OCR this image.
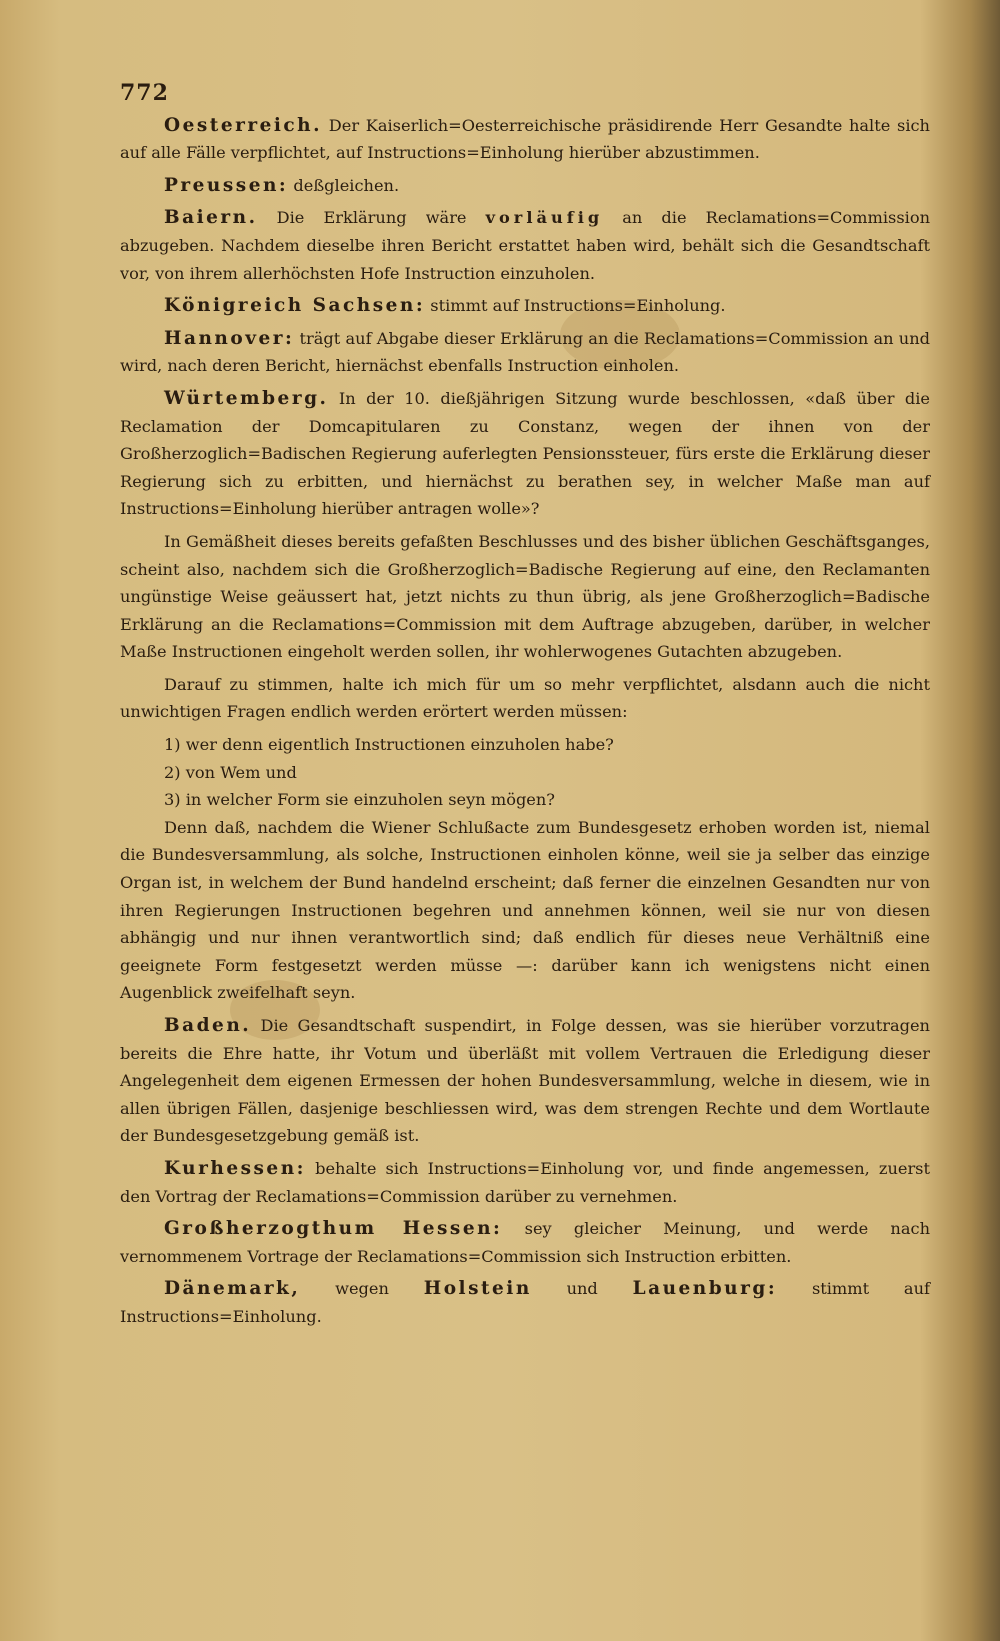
772

Oesterreich. Der Kaiserlich=Oesterreichische präsidirende Herr Gesandte halte sich auf alle Fälle verpflichtet, auf Instructions=Einholung hierüber abzustimmen.

Preussen: deßgleichen.

Baiern. Die Erklärung wäre vorläufig an die Reclamations=Commission abzugeben. Nachdem dieselbe ihren Bericht erstattet haben wird, behält sich die Gesandtschaft vor, von ihrem allerhöchsten Hofe Instruction einzuholen.

Königreich Sachsen: stimmt auf Instructions=Einholung.

Hannover: trägt auf Abgabe dieser Erklärung an die Reclamations=Commission an und wird, nach deren Bericht, hiernächst ebenfalls Instruction einholen.

Würtemberg. In der 10. dießjährigen Sitzung wurde beschlossen, «daß über die Reclamation der Domcapitularen zu Constanz, wegen der ihnen von der Großherzoglich=Badischen Regierung auferlegten Pensionssteuer, fürs erste die Erklärung dieser Regierung sich zu erbitten, und hiernächst zu berathen sey, in welcher Maße man auf Instructions=Einholung hierüber antragen wolle»?

In Gemäßheit dieses bereits gefaßten Beschlusses und des bisher üblichen Geschäftsganges, scheint also, nachdem sich die Großherzoglich=Badische Regierung auf eine, den Reclamanten ungünstige Weise geäussert hat, jetzt nichts zu thun übrig, als jene Großherzoglich=Badische Erklärung an die Reclamations=Commission mit dem Auftrage abzugeben, darüber, in welcher Maße Instructionen eingeholt werden sollen, ihr wohlerwogenes Gutachten abzugeben.

Darauf zu stimmen, halte ich mich für um so mehr verpflichtet, alsdann auch die nicht unwichtigen Fragen endlich werden erörtert werden müssen:

1) wer denn eigentlich Instructionen einzuholen habe?
2) von Wem und
3) in welcher Form sie einzuholen seyn mögen?

Denn daß, nachdem die Wiener Schlußacte zum Bundesgesetz erhoben worden ist, niemal die Bundesversammlung, als solche, Instructionen einholen könne, weil sie ja selber das einzige Organ ist, in welchem der Bund handelnd erscheint; daß ferner die einzelnen Gesandten nur von ihren Regierungen Instructionen begehren und annehmen können, weil sie nur von diesen abhängig und nur ihnen verantwortlich sind; daß endlich für dieses neue Verhältniß eine geeignete Form festgesetzt werden müsse —: darüber kann ich wenigstens nicht einen Augenblick zweifelhaft seyn.

Baden. Die Gesandtschaft suspendirt, in Folge dessen, was sie hierüber vorzutragen bereits die Ehre hatte, ihr Votum und überläßt mit vollem Vertrauen die Erledigung dieser Angelegenheit dem eigenen Ermessen der hohen Bundesversammlung, welche in diesem, wie in allen übrigen Fällen, dasjenige beschliessen wird, was dem strengen Rechte und dem Wortlaute der Bundesgesetzgebung gemäß ist.

Kurhessen: behalte sich Instructions=Einholung vor, und finde angemessen, zuerst den Vortrag der Reclamations=Commission darüber zu vernehmen.

Großherzogthum Hessen: sey gleicher Meinung, und werde nach vernommenem Vortrage der Reclamations=Commission sich Instruction erbitten.

Dänemark, wegen Holstein und Lauenburg: stimmt auf Instructions=Einholung.
